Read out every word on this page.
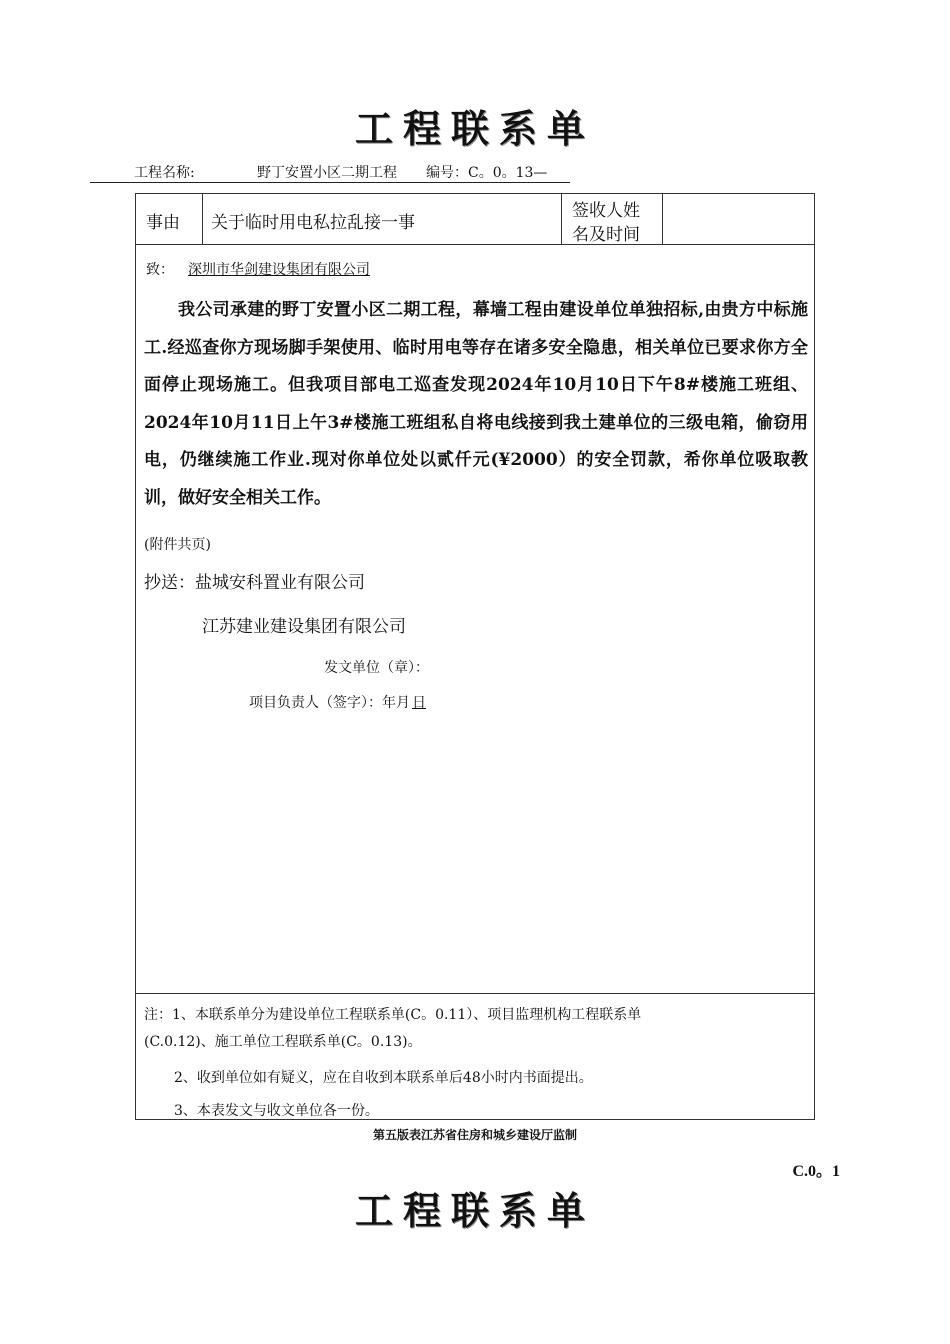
工程联系单
工程名称:	野丁安置小区二期工程 编号：C。0。13—
事由 关于临时用电私拉乱接一事
签收人姓
名及时间
致： 深圳市华剑建设集团有限公司
我公司承建的野丁安置小区二期工程，幕墙工程由建设单位单独招标,由贵方中标施工.经巡查你方现场脚手架使用、临时用电等存在诸多安全隐患，相关单位已要求你方全面停止现场施工。但我项目部电工巡查发现2024年10月10日下午8#楼施工班组、2024年10月11日上午3#楼施工班组私自将电线接到我土建单位的三级电箱，偷窃用电，仍继续施工作业.现对你单位处以贰仟元(¥2000）的安全罚款，希你单位吸取教训，做好安全相关工作。
(附件共页)
抄送：盐城安科置业有限公司
江苏建业建设集团有限公司
发文单位（章）：
项目负责人（签字）：年月 日
注：1、本联系单分为建设单位工程联系单(C。0.11）、项目监理机构工程联系单
(C.0.12)、施工单位工程联系单(C。0.13)。
2、收到单位如有疑义，应在自收到本联系单后48小时内书面提出。
3、本表发文与收文单位各一份。
第五版表江苏省住房和城乡建设厅监制
C.0。1
工程联系单
